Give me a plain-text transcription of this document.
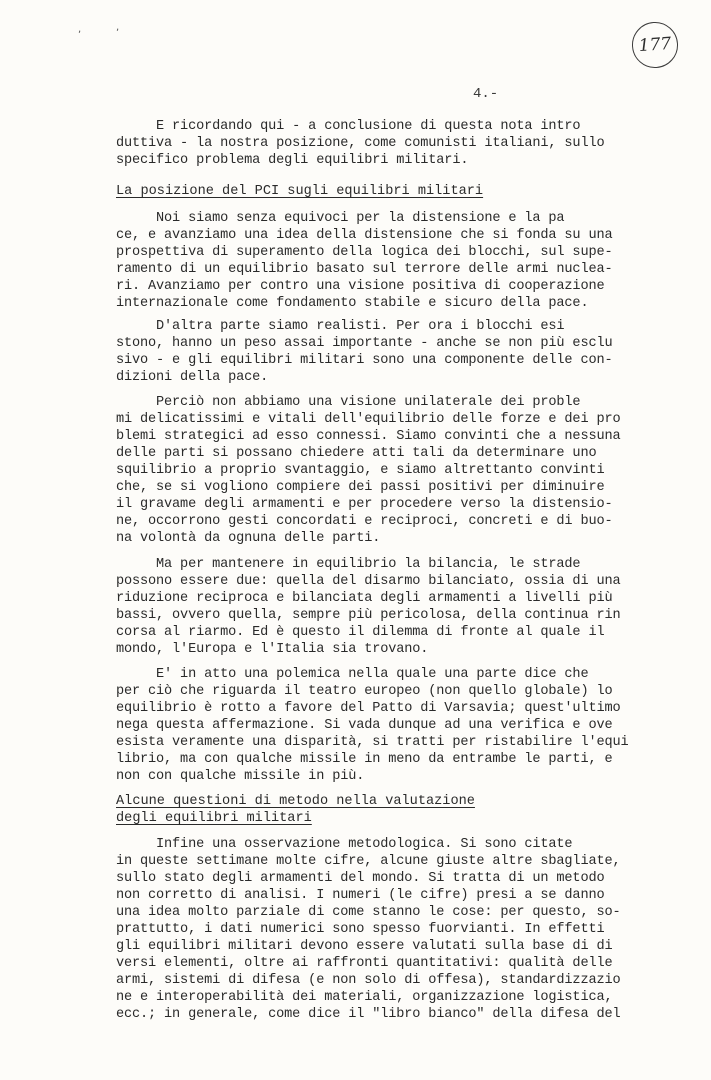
,	,
177
4.-
E ricordando qui - a conclusione di questa nota intro
duttiva - la nostra posizione, come comunisti italiani, sullo
specifico problema degli equilibri militari.
La posizione del PCI sugli equilibri militari
Noi siamo senza equivoci per la distensione e la pa
ce, e avanziamo una idea della distensione che si fonda su una
prospettiva di superamento della logica dei blocchi, sul supe-
ramento di un equilibrio basato sul terrore delle armi nuclea-
ri. Avanziamo per contro una visione positiva di cooperazione
internazionale come fondamento stabile e sicuro della pace.
D'altra parte siamo realisti. Per ora i blocchi esi
stono, hanno un peso assai importante - anche se non più esclu
sivo - e gli equilibri militari sono una componente delle con-
dizioni della pace.
Perciò non abbiamo una visione unilaterale dei proble
mi delicatissimi e vitali dell'equilibrio delle forze e dei pro
blemi strategici ad esso connessi. Siamo convinti che a nessuna
delle parti si possano chiedere atti tali da determinare uno
squilibrio a proprio svantaggio, e siamo altrettanto convinti
che, se si vogliono compiere dei passi positivi per diminuire
il gravame degli armamenti e per procedere verso la distensio-
ne, occorrono gesti concordati e reciproci, concreti e di buo-
na volontà da ognuna delle parti.
Ma per mantenere in equilibrio la bilancia, le strade
possono essere due: quella del disarmo bilanciato, ossia di una
riduzione reciproca e bilanciata degli armamenti a livelli più
bassi, ovvero quella, sempre più pericolosa, della continua rin
corsa al riarmo. Ed è questo il dilemma di fronte al quale il
mondo, l'Europa e l'Italia sia trovano.
E' in atto una polemica nella quale una parte dice che
per ciò che riguarda il teatro europeo (non quello globale) lo
equilibrio è rotto a favore del Patto di Varsavia; quest'ultimo
nega questa affermazione. Si vada dunque ad una verifica e ove
esista veramente una disparità, si tratti per ristabilire l'equi
librio, ma con qualche missile in meno da entrambe le parti, e
non con qualche missile in più.
Alcune questioni di metodo nella valutazione
degli equilibri militari
Infine una osservazione metodologica. Si sono citate
in queste settimane molte cifre, alcune giuste altre sbagliate,
sullo stato degli armamenti del mondo. Si tratta di un metodo
non corretto di analisi. I numeri (le cifre) presi a se danno
una idea molto parziale di come stanno le cose: per questo, so-
prattutto, i dati numerici sono spesso fuorvianti. In effetti
gli equilibri militari devono essere valutati sulla base di di
versi elementi, oltre ai raffronti quantitativi: qualità delle
armi, sistemi di difesa (e non solo di offesa), standardizzazio
ne e interoperabilità dei materiali, organizzazione logistica,
ecc.; in generale, come dice il "libro bianco" della difesa del
